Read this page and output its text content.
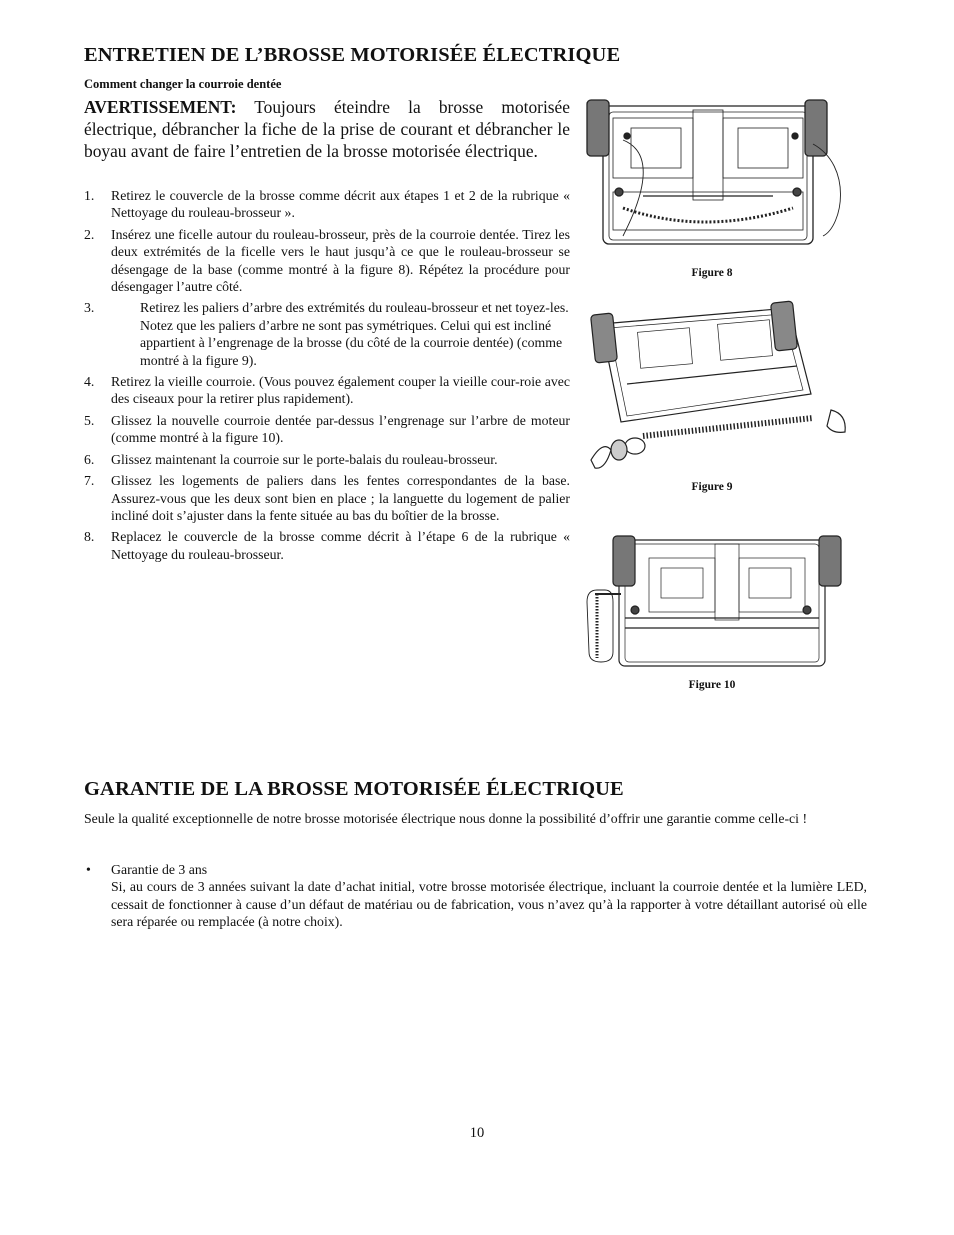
ENTRETIEN DE L’BROSSE MOTORISÉE ÉLECTRIQUE
Comment changer la courroie dentée
AVERTISSEMENT: Toujours éteindre la brosse motorisée électrique, débrancher la fiche de la prise de courant et débrancher le boyau avant de faire l’entretien de la brosse motorisée électrique.
1. Retirez le couvercle de la brosse comme décrit aux étapes 1 et 2 de la rubrique « Nettoyage du rouleau-brosseur ».
2. Insérez une ficelle autour du rouleau-brosseur, près de la courroie dentée. Tirez les deux extrémités de la ficelle vers le haut jusqu’à ce que le rouleau-brosseur se désengage de la base (comme montré à la figure 8). Répétez la procédure pour désengager l’autre côté.
3.	Retirez les paliers d’arbre des extrémités du rouleau-brosseur et net toyez-les. Notez que les paliers d’arbre ne sont pas symétriques. Celui qui est incliné appartient à l’engrenage de la brosse (du côté de la courroie dentée) (comme montré à la figure 9).
4. Retirez la vieille courroie. (Vous pouvez également couper la vieille cour-roie avec des ciseaux pour la retirer plus rapidement).
5. Glissez la nouvelle courroie dentée par-dessus l’engrenage sur l’arbre de moteur (comme montré à la figure 10).
6. Glissez maintenant la courroie sur le porte-balais du rouleau-brosseur.
7. Glissez les logements de paliers dans les fentes correspondantes de la base. Assurez-vous que les deux sont bien en place ; la languette du logement de palier incliné doit s’ajuster dans la fente située au bas du boîtier de la brosse.
8. Replacez le couvercle de la brosse comme décrit à l’étape 6 de la rubrique « Nettoyage du rouleau-brosseur.
Figure 8
Figure 9
Figure 10
GARANTIE DE LA BROSSE MOTORISÉE ÉLECTRIQUE
Seule la qualité exceptionnelle de notre brosse motorisée électrique nous donne la possibilité d’offrir une garantie comme celle-ci !
• Garantie de 3 ans
Si, au cours de 3 années suivant la date d’achat initial, votre brosse motorisée électrique, incluant la courroie dentée et la lumière LED, cessait de fonctionner à cause d’un défaut de matériau ou de fabrication, vous n’avez qu’à la rapporter à votre détaillant autorisé où elle sera réparée ou remplacée (à notre choix).
10
